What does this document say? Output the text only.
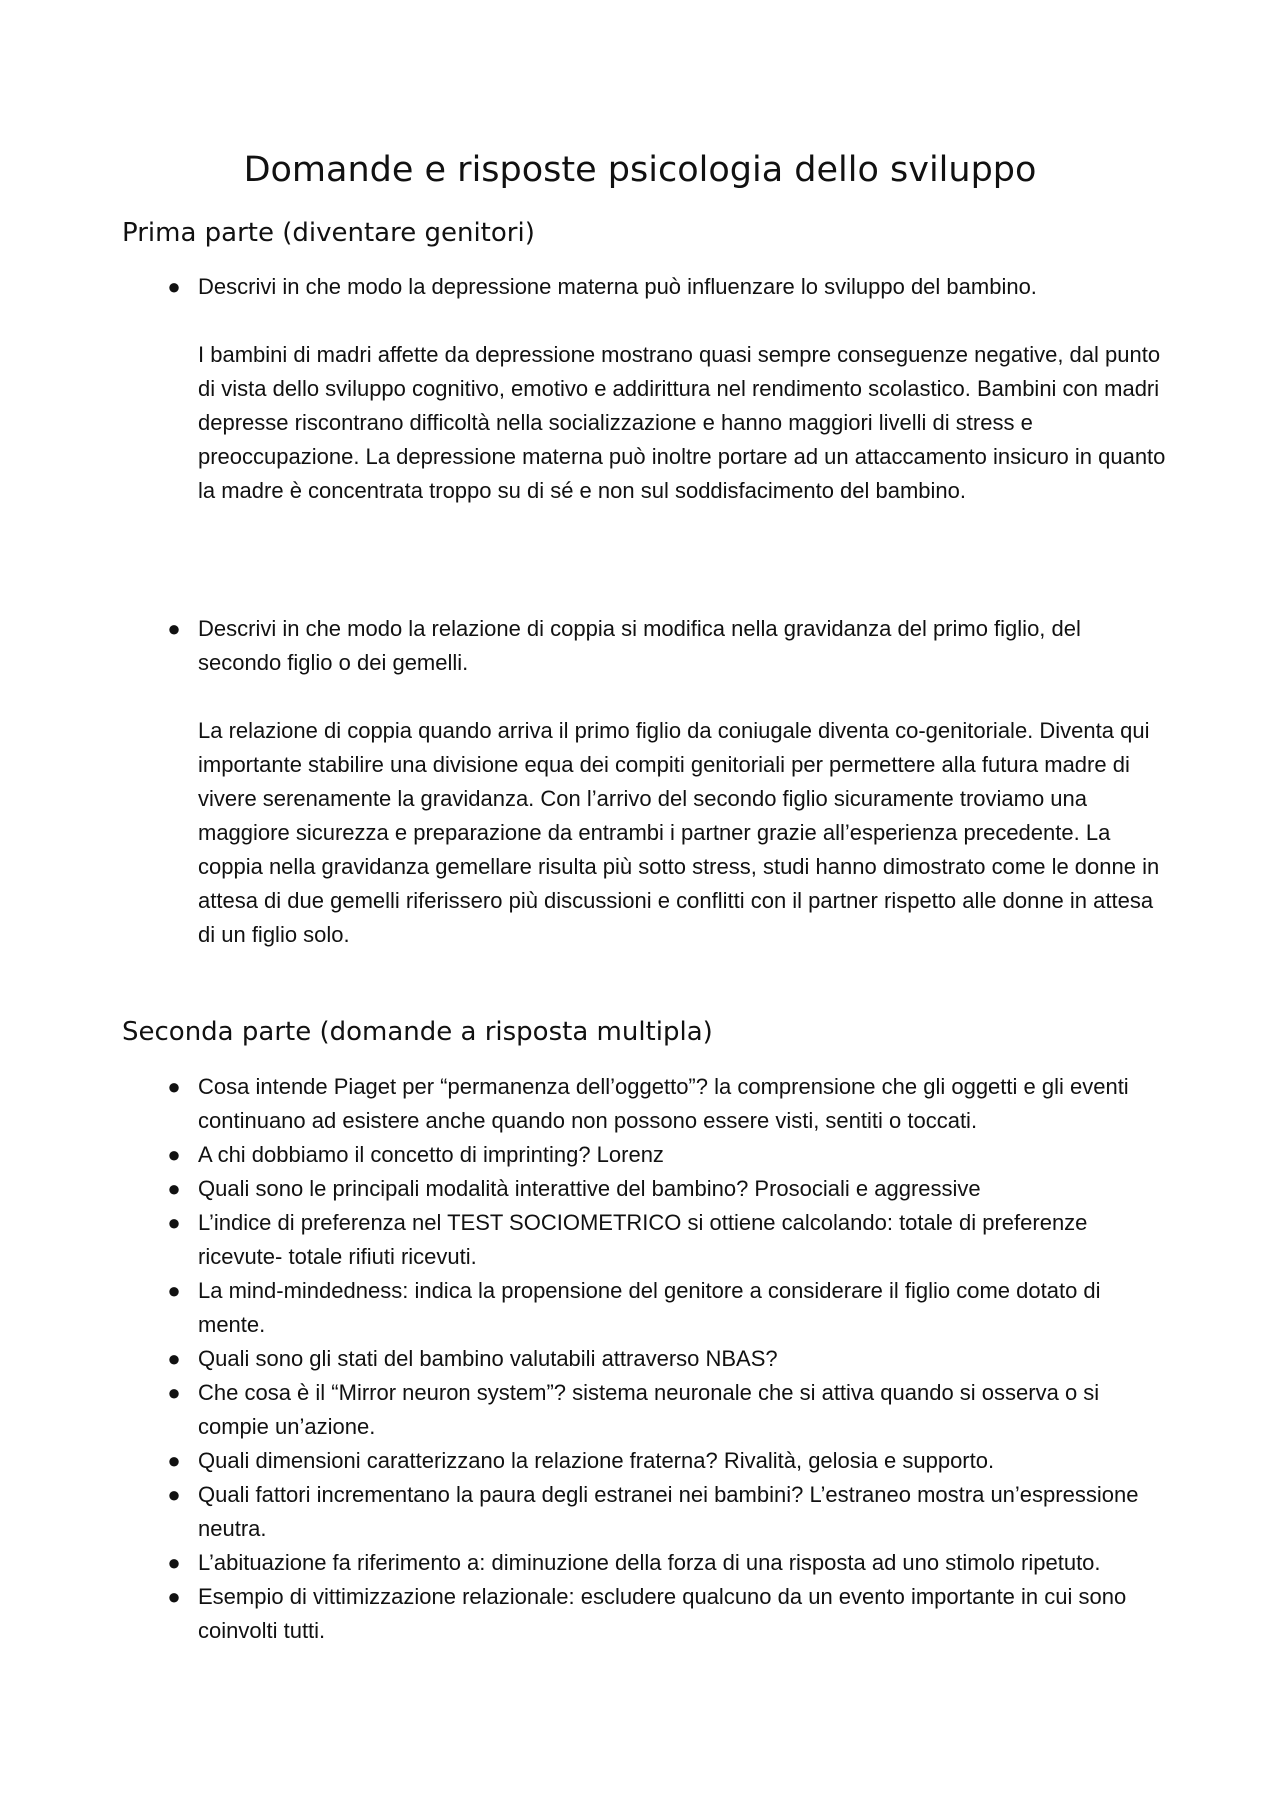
Domande e risposte psicologia dello sviluppo
Prima parte (diventare genitori)
● Descrivi in che modo la depressione materna può influenzare lo sviluppo del bambino.

I bambini di madri affette da depressione mostrano quasi sempre conseguenze negative, dal punto di vista dello sviluppo cognitivo, emotivo e addirittura nel rendimento scolastico. Bambini con madri depresse riscontrano difficoltà nella socializzazione e hanno maggiori livelli di stress e preoccupazione. La depressione materna può inoltre portare ad un attaccamento insicuro in quanto la madre è concentrata troppo su di sé e non sul soddisfacimento del bambino.

● Descrivi in che modo la relazione di coppia si modifica nella gravidanza del primo figlio, del secondo figlio o dei gemelli.

La relazione di coppia quando arriva il primo figlio da coniugale diventa co-genitoriale. Diventa qui importante stabilire una divisione equa dei compiti genitoriali per permettere alla futura madre di vivere serenamente la gravidanza. Con l’arrivo del secondo figlio sicuramente troviamo una maggiore sicurezza e preparazione da entrambi i partner grazie all’esperienza precedente. La coppia nella gravidanza gemellare risulta più sotto stress, studi hanno dimostrato come le donne in attesa di due gemelli riferissero più discussioni e conflitti con il partner rispetto alle donne in attesa di un figlio solo.

Seconda parte (domande a risposta multipla)
● Cosa intende Piaget per “permanenza dell’oggetto”? la comprensione che gli oggetti e gli eventi continuano ad esistere anche quando non possono essere visti, sentiti o toccati.
● A chi dobbiamo il concetto di imprinting? Lorenz
● Quali sono le principali modalità interattive del bambino? Prosociali e aggressive
● L’indice di preferenza nel TEST SOCIOMETRICO si ottiene calcolando: totale di preferenze ricevute- totale rifiuti ricevuti.
● La mind-mindedness: indica la propensione del genitore a considerare il figlio come dotato di mente.
● Quali sono gli stati del bambino valutabili attraverso NBAS?
● Che cosa è il “Mirror neuron system”? sistema neuronale che si attiva quando si osserva o si compie un’azione.
● Quali dimensioni caratterizzano la relazione fraterna? Rivalità, gelosia e supporto.
● Quali fattori incrementano la paura degli estranei nei bambini? L’estraneo mostra un’espressione neutra.
● L’abituazione fa riferimento a: diminuzione della forza di una risposta ad uno stimolo ripetuto.
● Esempio di vittimizzazione relazionale: escludere qualcuno da un evento importante in cui sono coinvolti tutti.
